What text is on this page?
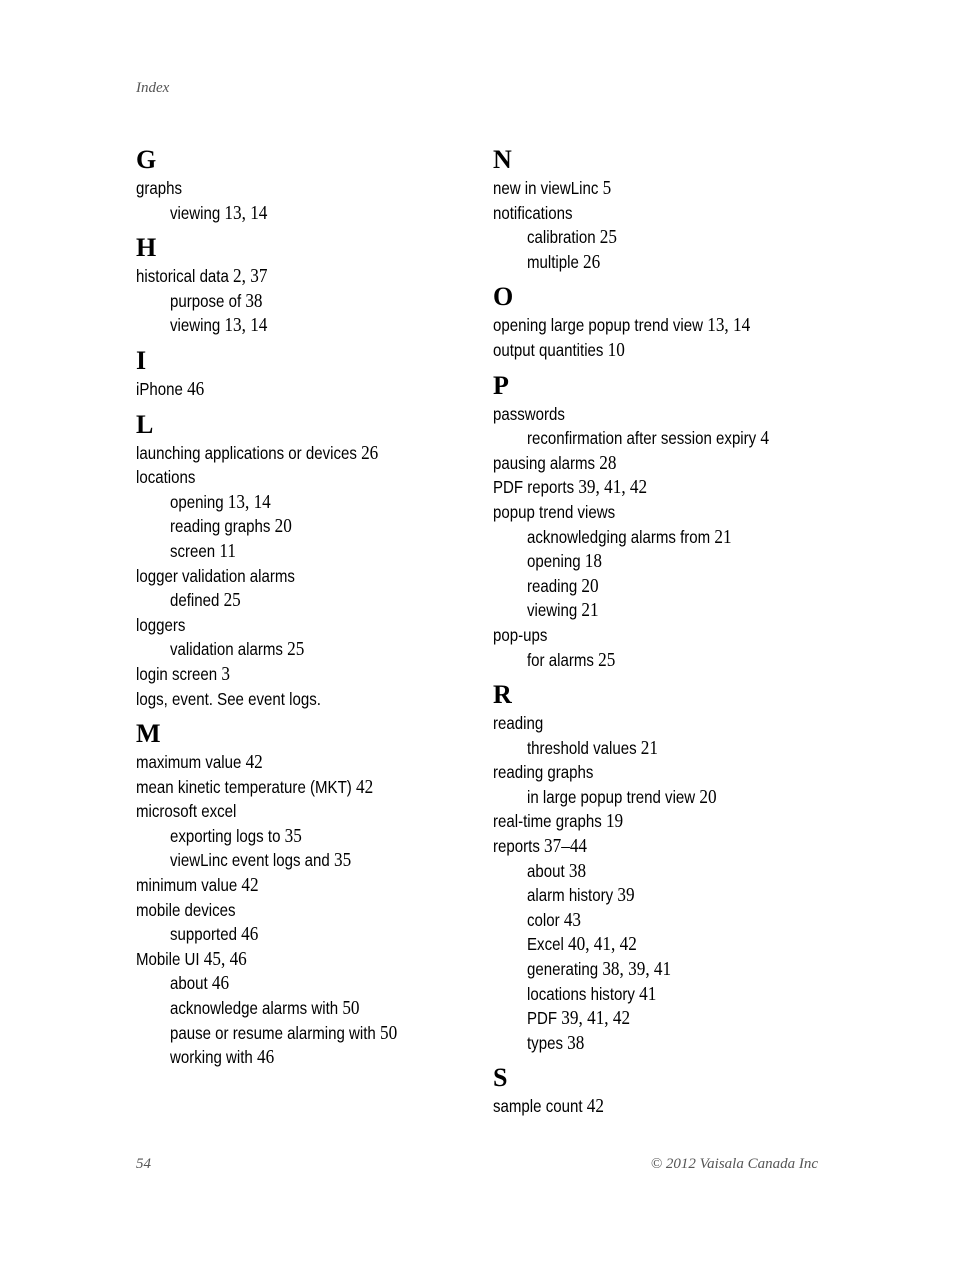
Index
G
graphs
viewing 13, 14
H
historical data 2, 37
purpose of 38
viewing 13, 14
I
iPhone 46
L
launching applications or devices 26
locations
opening 13, 14
reading graphs 20
screen 11
logger validation alarms
defined 25
loggers
validation alarms 25
login screen 3
logs, event. See event logs.
M
maximum value 42
mean kinetic temperature (MKT) 42
microsoft excel
exporting logs to 35
viewLinc event logs and 35
minimum value 42
mobile devices
supported 46
Mobile UI 45, 46
about 46
acknowledge alarms with 50
pause or resume alarming with 50
working with 46
N
new in viewLinc 5
notifications
calibration 25
multiple 26
O
opening large popup trend view 13, 14
output quantities 10
P
passwords
reconfirmation after session expiry 4
pausing alarms 28
PDF reports 39, 41, 42
popup trend views
acknowledging alarms from 21
opening 18
reading 20
viewing 21
pop-ups
for alarms 25
R
reading
threshold values 21
reading graphs
in large popup trend view 20
real-time graphs 19
reports 37–44
about 38
alarm history 39
color 43
Excel 40, 41, 42
generating 38, 39, 41
locations history 41
PDF 39, 41, 42
types 38
S
sample count 42
54	© 2012 Vaisala Canada Inc
